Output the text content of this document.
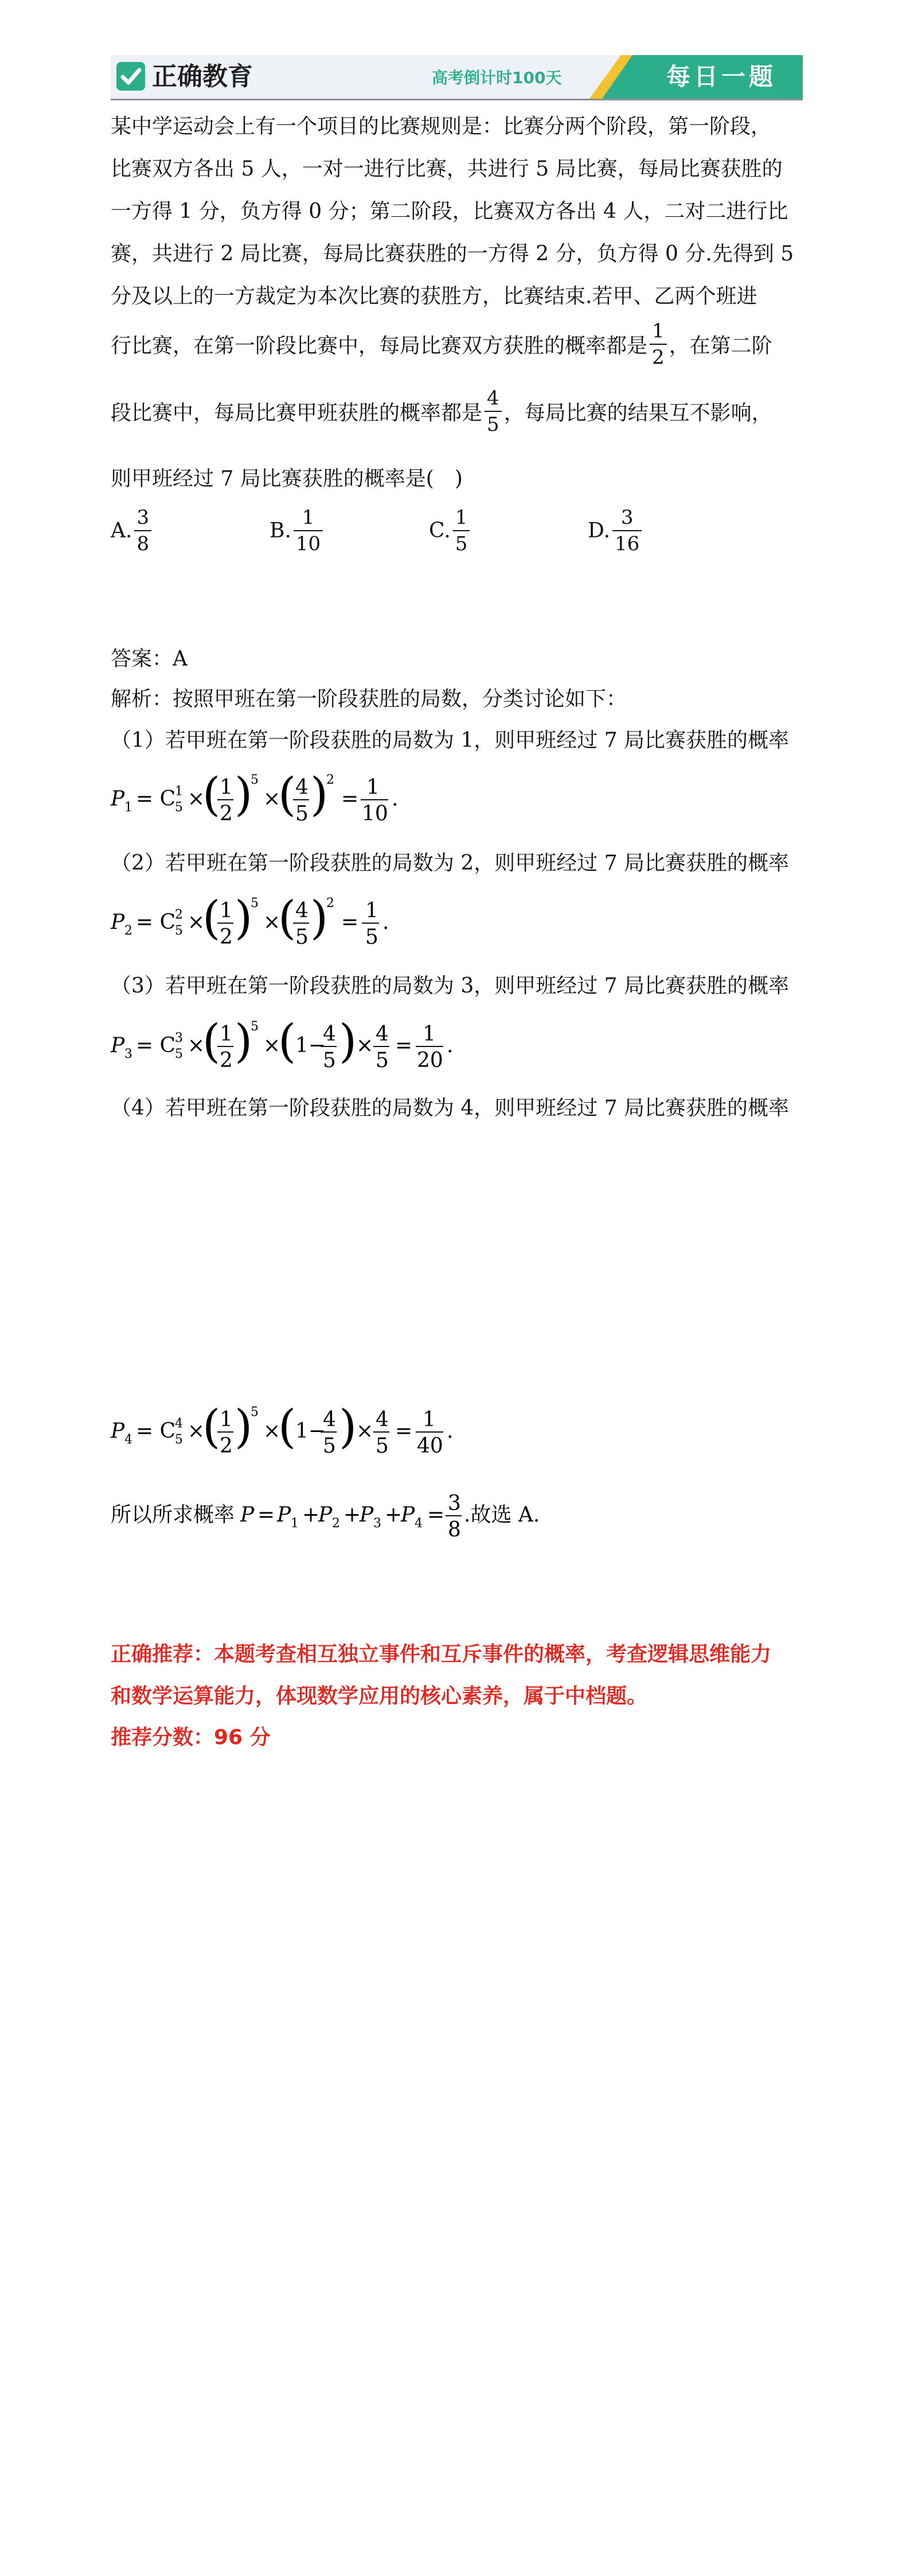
正确教育	高考倒计时100天	每日一题
某中学运动会上有一个项目的比赛规则是：比赛分两个阶段，第一阶段，
比赛双方各出 5 人，一对一进行比赛，共进行 5 局比赛，每局比赛获胜的
一方得 1 分，负方得 0 分；第二阶段，比赛双方各出 4 人，二对二进行比
赛，共进行 2 局比赛，每局比赛获胜的一方得 2 分，负方得 0 分.先得到 5
分及以上的一方裁定为本次比赛的获胜方，比赛结束.若甲、乙两个班进
行比赛，在第一阶段比赛中，每局比赛双方获胜的概率都是 $\frac{1}{2}$ ，在第二阶
段比赛中，每局比赛甲班获胜的概率都是 $\frac{4}{5}$ ，每局比赛的结果互不影响，
则甲班经过 7 局比赛获胜的概率是(　)
A. $\frac{3}{8}$	B. $\frac{1}{10}$	C. $\frac{1}{5}$	D. $\frac{3}{16}$
答案：A
解析：按照甲班在第一阶段获胜的局数，分类讨论如下：
（1）若甲班在第一阶段获胜的局数为 1，则甲班经过 7 局比赛获胜的概率
P 1 = C
5
1 ×
(
1
2 )
5
×
(
4
5 )
2
= 1
10
.
（2）若甲班在第一阶段获胜的局数为 2，则甲班经过 7 局比赛获胜的概率
P 2 = C
5
2 ×
(
1
2 )
5
×
(
4
5 )
2
= 1
5
.
（3）若甲班在第一阶段获胜的局数为 3，则甲班经过 7 局比赛获胜的概率
P 3 = C
5
3 ×
(
1
2 )
5
×
(
1−
4
5 )
× 4
5
= 1
20
.
（4）若甲班在第一阶段获胜的局数为 4，则甲班经过 7 局比赛获胜的概率
P 4 = C
5
4 ×
(
1
2 )
5
×
(
1−
4
5 )
× 4
5
= 1
40
.
所以所求概率 P = P 1 +
P 2 +
P 3 +
P 4 = 3
8
.故选 A.
正确推荐：本题考查相互独立事件和互斥事件的概率，考查逻辑思维能力
和数学运算能力，体现数学应用的核心素养，属于中档题。
推荐分数：96 分
